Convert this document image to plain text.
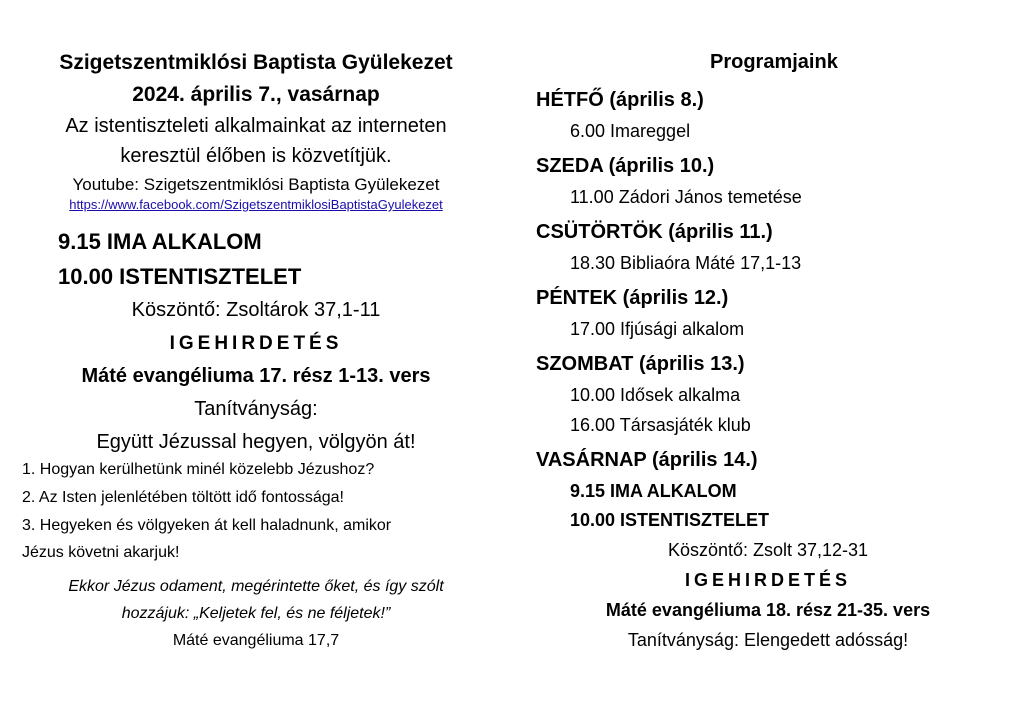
Szigetszentmiklósi Baptista Gyülekezet
2024. április 7., vasárnap
Az istentiszteleti alkalmainkat az interneten
keresztül élőben is közvetítjük.
Youtube: Szigetszentmiklósi Baptista Gyülekezet
https://www.facebook.com/SzigetszentmiklosiBaptistaGyulekezet
9.15 IMA ALKALOM
10.00 ISTENTISZTELET
Köszöntő: Zsoltárok 37,1-11
IGEHIRDETÉS
Máté evangéliuma 17. rész 1-13. vers
Tanítványság:
Együtt Jézussal hegyen, völgyön át!
1. Hogyan kerülhetünk minél közelebb Jézushoz?
2. Az Isten jelenlétében töltött idő fontossága!
3. Hegyeken és völgyeken át kell haladnunk, amikor
Jézus követni akarjuk!
Ekkor Jézus odament, megérintette őket, és így szólt
hozzájuk: „Keljetek fel, és ne féljetek!”
Máté evangéliuma 17,7
Programjaink
HÉTFŐ (április 8.)
6.00 Imareggel
SZEDA (április 10.)
11.00 Zádori János temetése
CSÜTÖRTÖK (április 11.)
18.30 Bibliaóra Máté 17,1-13
PÉNTEK (április 12.)
17.00 Ifjúsági alkalom
SZOMBAT (április 13.)
10.00 Idősek alkalma
16.00 Társasjáték klub
VASÁRNAP (április 14.)
9.15 IMA ALKALOM
10.00 ISTENTISZTELET
Köszöntő: Zsolt 37,12-31
IGEHIRDETÉS
Máté evangéliuma 18. rész 21-35. vers
Tanítványság: Elengedett adósság!
